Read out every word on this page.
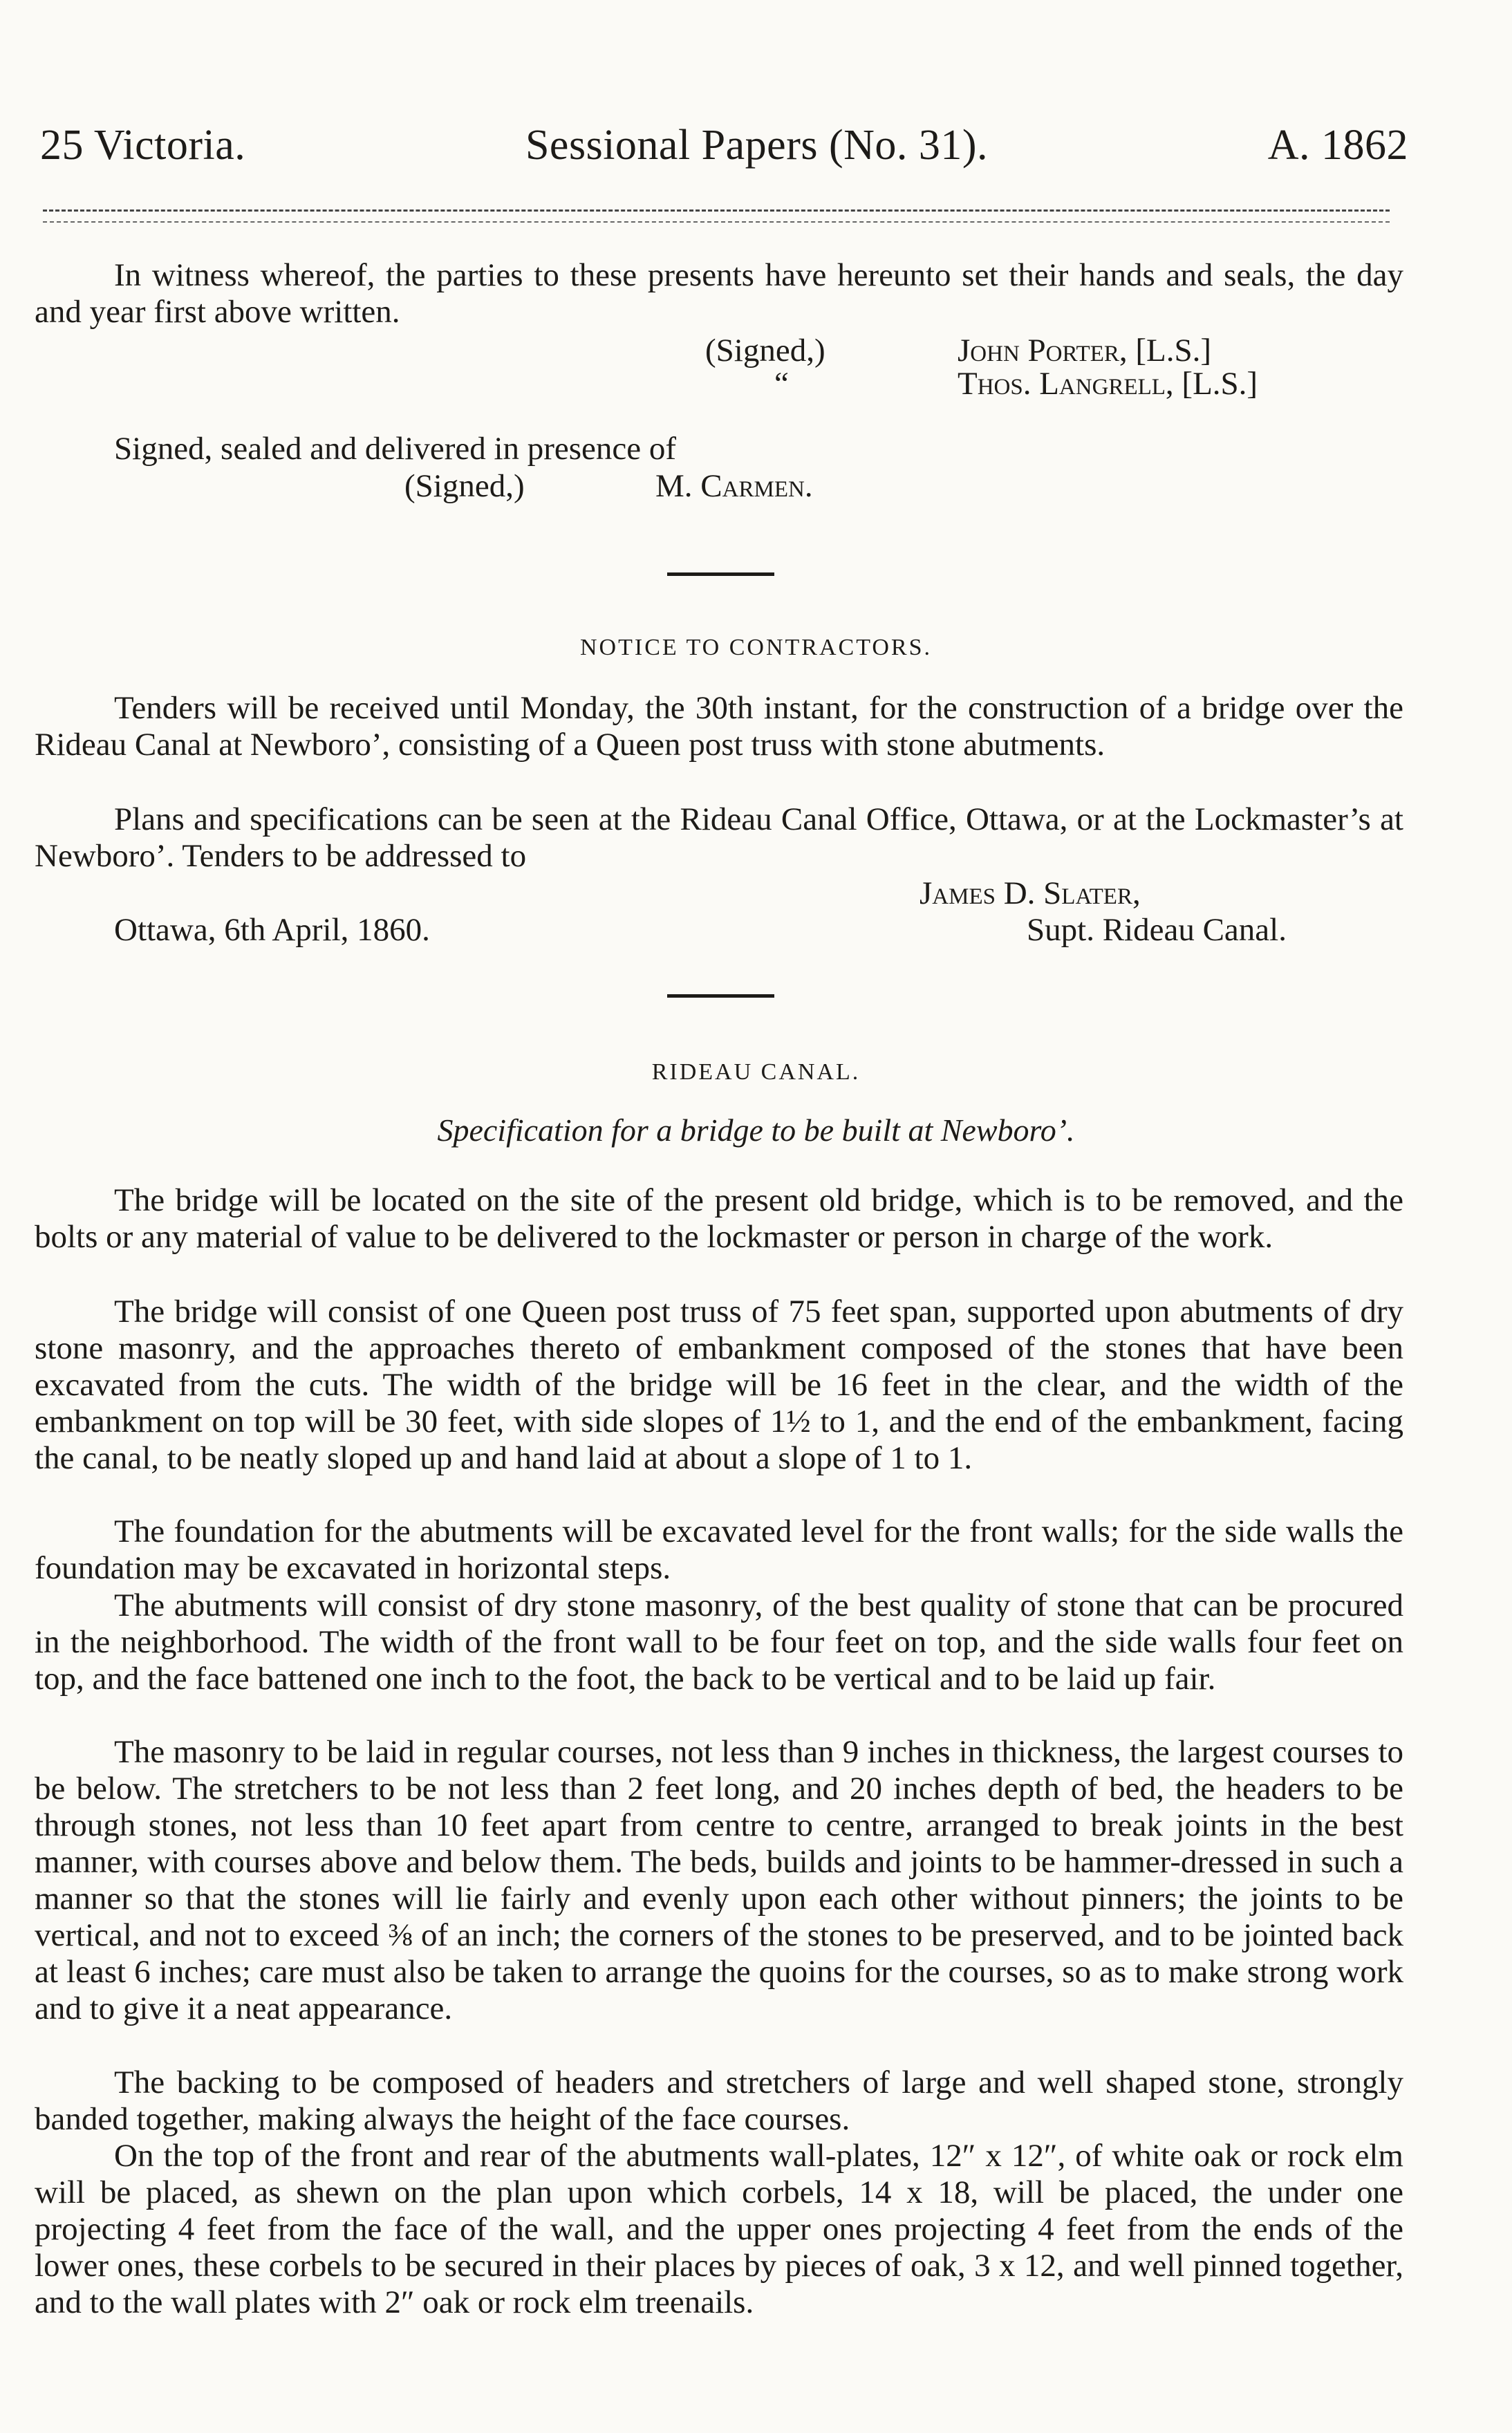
25 Victoria.	Sessional Papers (No. 31).	A. 1862
In witness whereof, the parties to these presents have hereunto set their hands and seals, the day and year first above written.
(Signed,)	John Porter, [L.S.]
“	Thos. Langrell, [L.S.]
Signed, sealed and delivered in presence of
(Signed,)	M. Carmen.
NOTICE TO CONTRACTORS.
Tenders will be received until Monday, the 30th instant, for the construction of a bridge over the Rideau Canal at Newboro’, consisting of a Queen post truss with stone abutments.
Plans and specifications can be seen at the Rideau Canal Office, Ottawa, or at the Lockmaster’s at Newboro’. Tenders to be addressed to
James D. Slater,
Ottawa, 6th April, 1860.	Supt. Rideau Canal.
RIDEAU CANAL.
Specification for a bridge to be built at Newboro’.
The bridge will be located on the site of the present old bridge, which is to be removed, and the bolts or any material of value to be delivered to the lockmaster or person in charge of the work.
The bridge will consist of one Queen post truss of 75 feet span, supported upon abutments of dry stone masonry, and the approaches thereto of embankment composed of the stones that have been excavated from the cuts. The width of the bridge will be 16 feet in the clear, and the width of the embankment on top will be 30 feet, with side slopes of 1½ to 1, and the end of the embankment, facing the canal, to be neatly sloped up and hand laid at about a slope of 1 to 1.
The foundation for the abutments will be excavated level for the front walls; for the side walls the foundation may be excavated in horizontal steps.
The abutments will consist of dry stone masonry, of the best quality of stone that can be procured in the neighborhood. The width of the front wall to be four feet on top, and the side walls four feet on top, and the face battened one inch to the foot, the back to be vertical and to be laid up fair.
The masonry to be laid in regular courses, not less than 9 inches in thickness, the largest courses to be below. The stretchers to be not less than 2 feet long, and 20 inches depth of bed, the headers to be through stones, not less than 10 feet apart from centre to centre, arranged to break joints in the best manner, with courses above and below them. The beds, builds and joints to be hammer-dressed in such a manner so that the stones will lie fairly and evenly upon each other without pinners; the joints to be vertical, and not to exceed ⅜ of an inch; the corners of the stones to be preserved, and to be jointed back at least 6 inches; care must also be taken to arrange the quoins for the courses, so as to make strong work and to give it a neat appearance.
The backing to be composed of headers and stretchers of large and well shaped stone, strongly banded together, making always the height of the face courses.
On the top of the front and rear of the abutments wall-plates, 12″ x 12″, of white oak or rock elm will be placed, as shewn on the plan upon which corbels, 14 x 18, will be placed, the under one projecting 4 feet from the face of the wall, and the upper ones projecting 4 feet from the ends of the lower ones, these corbels to be secured in their places by pieces of oak, 3 x 12, and well pinned together, and to the wall plates with 2″ oak or rock elm treenails.
